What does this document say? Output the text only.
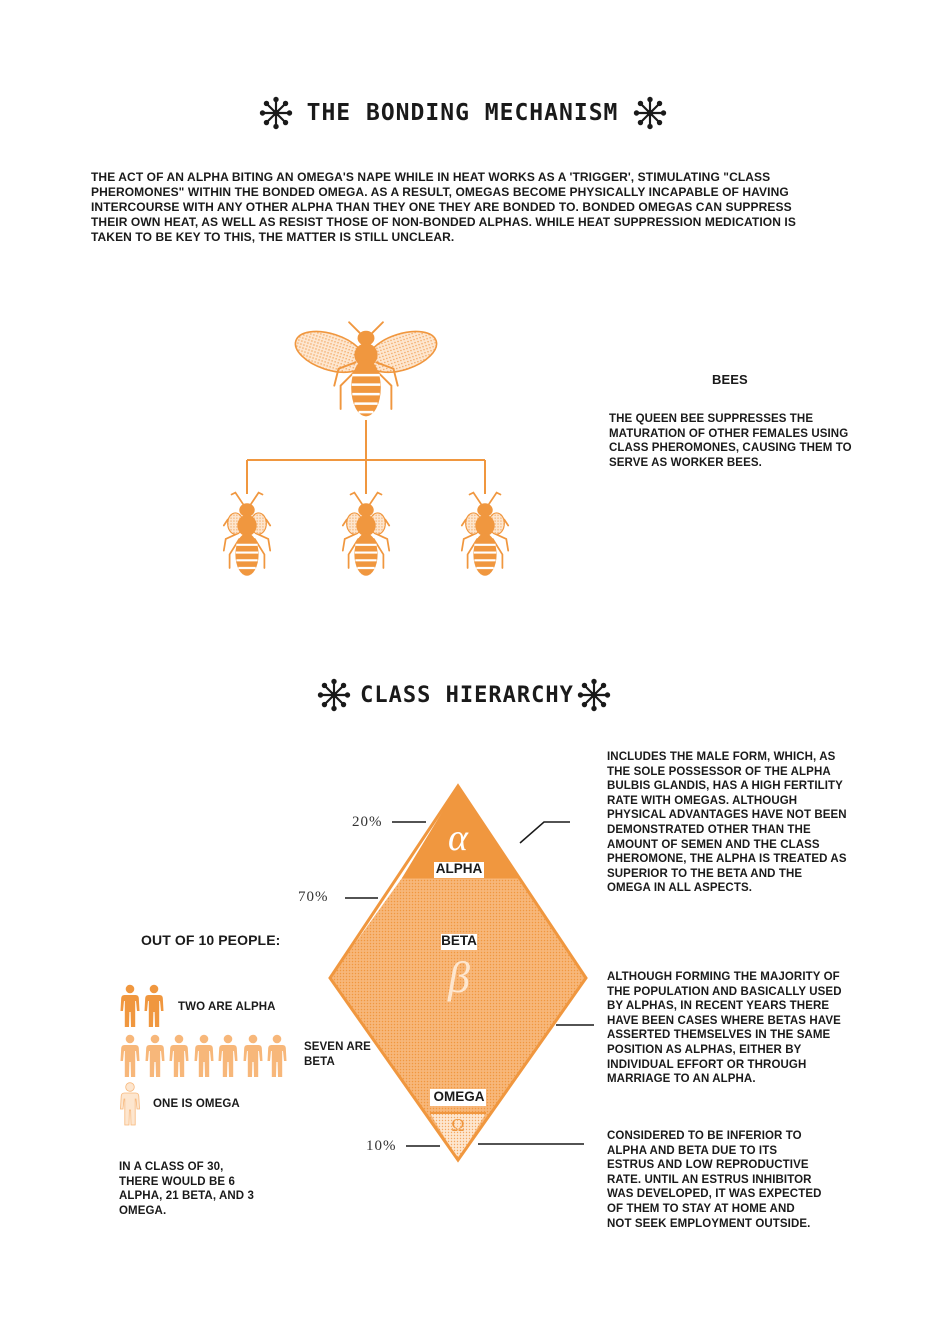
THE BONDING MECHANISM
THE ACT OF AN ALPHA BITING AN OMEGA'S NAPE WHILE IN HEAT WORKS AS A 'TRIGGER', STIMULATING "CLASS PHEROMONES" WITHIN THE BONDED OMEGA. AS A RESULT, OMEGAS BECOME PHYSICALLY INCAPABLE OF HAVING INTERCOURSE WITH ANY OTHER ALPHA THAN THEY ONE THEY ARE BONDED TO. BONDED OMEGAS CAN SUPPRESS THEIR OWN HEAT, AS WELL AS RESIST THOSE OF NON-BONDED ALPHAS. WHILE HEAT SUPPRESSION MEDICATION IS TAKEN TO BE KEY TO THIS, THE MATTER IS STILL UNCLEAR.
BEES
THE QUEEN BEE SUPPRESSES THE MATURATION OF OTHER FEMALES USING CLASS PHEROMONES, CAUSING THEM TO SERVE AS WORKER BEES.
CLASS HIERARCHY
α
ALPHA
BETA
β
OMEGA
Ω
20%
70%
10%
INCLUDES THE MALE FORM, WHICH, AS THE SOLE POSSESSOR OF THE ALPHA BULBIS GLANDIS, HAS A HIGH FERTILITY RATE WITH OMEGAS. ALTHOUGH PHYSICAL ADVANTAGES HAVE NOT BEEN DEMONSTRATED OTHER THAN THE AMOUNT OF SEMEN AND THE CLASS PHEROMONE, THE ALPHA IS TREATED AS SUPERIOR TO THE BETA AND THE OMEGA IN ALL ASPECTS.
ALTHOUGH FORMING THE MAJORITY OF THE POPULATION AND BASICALLY USED BY ALPHAS, IN RECENT YEARS THERE HAVE BEEN CASES WHERE BETAS HAVE ASSERTED THEMSELVES IN THE SAME POSITION AS ALPHAS, EITHER BY INDIVIDUAL EFFORT OR THROUGH MARRIAGE TO AN ALPHA.
CONSIDERED TO BE INFERIOR TO ALPHA AND BETA DUE TO ITS ESTRUS AND LOW REPRODUCTIVE RATE. UNTIL AN ESTRUS INHIBITOR WAS DEVELOPED, IT WAS EXPECTED OF THEM TO STAY AT HOME AND NOT SEEK EMPLOYMENT OUTSIDE.
OUT OF 10 PEOPLE:
TWO ARE ALPHA
SEVEN ARE BETA
ONE IS OMEGA
IN A CLASS OF 30, THERE WOULD BE 6 ALPHA, 21 BETA, AND 3 OMEGA.
